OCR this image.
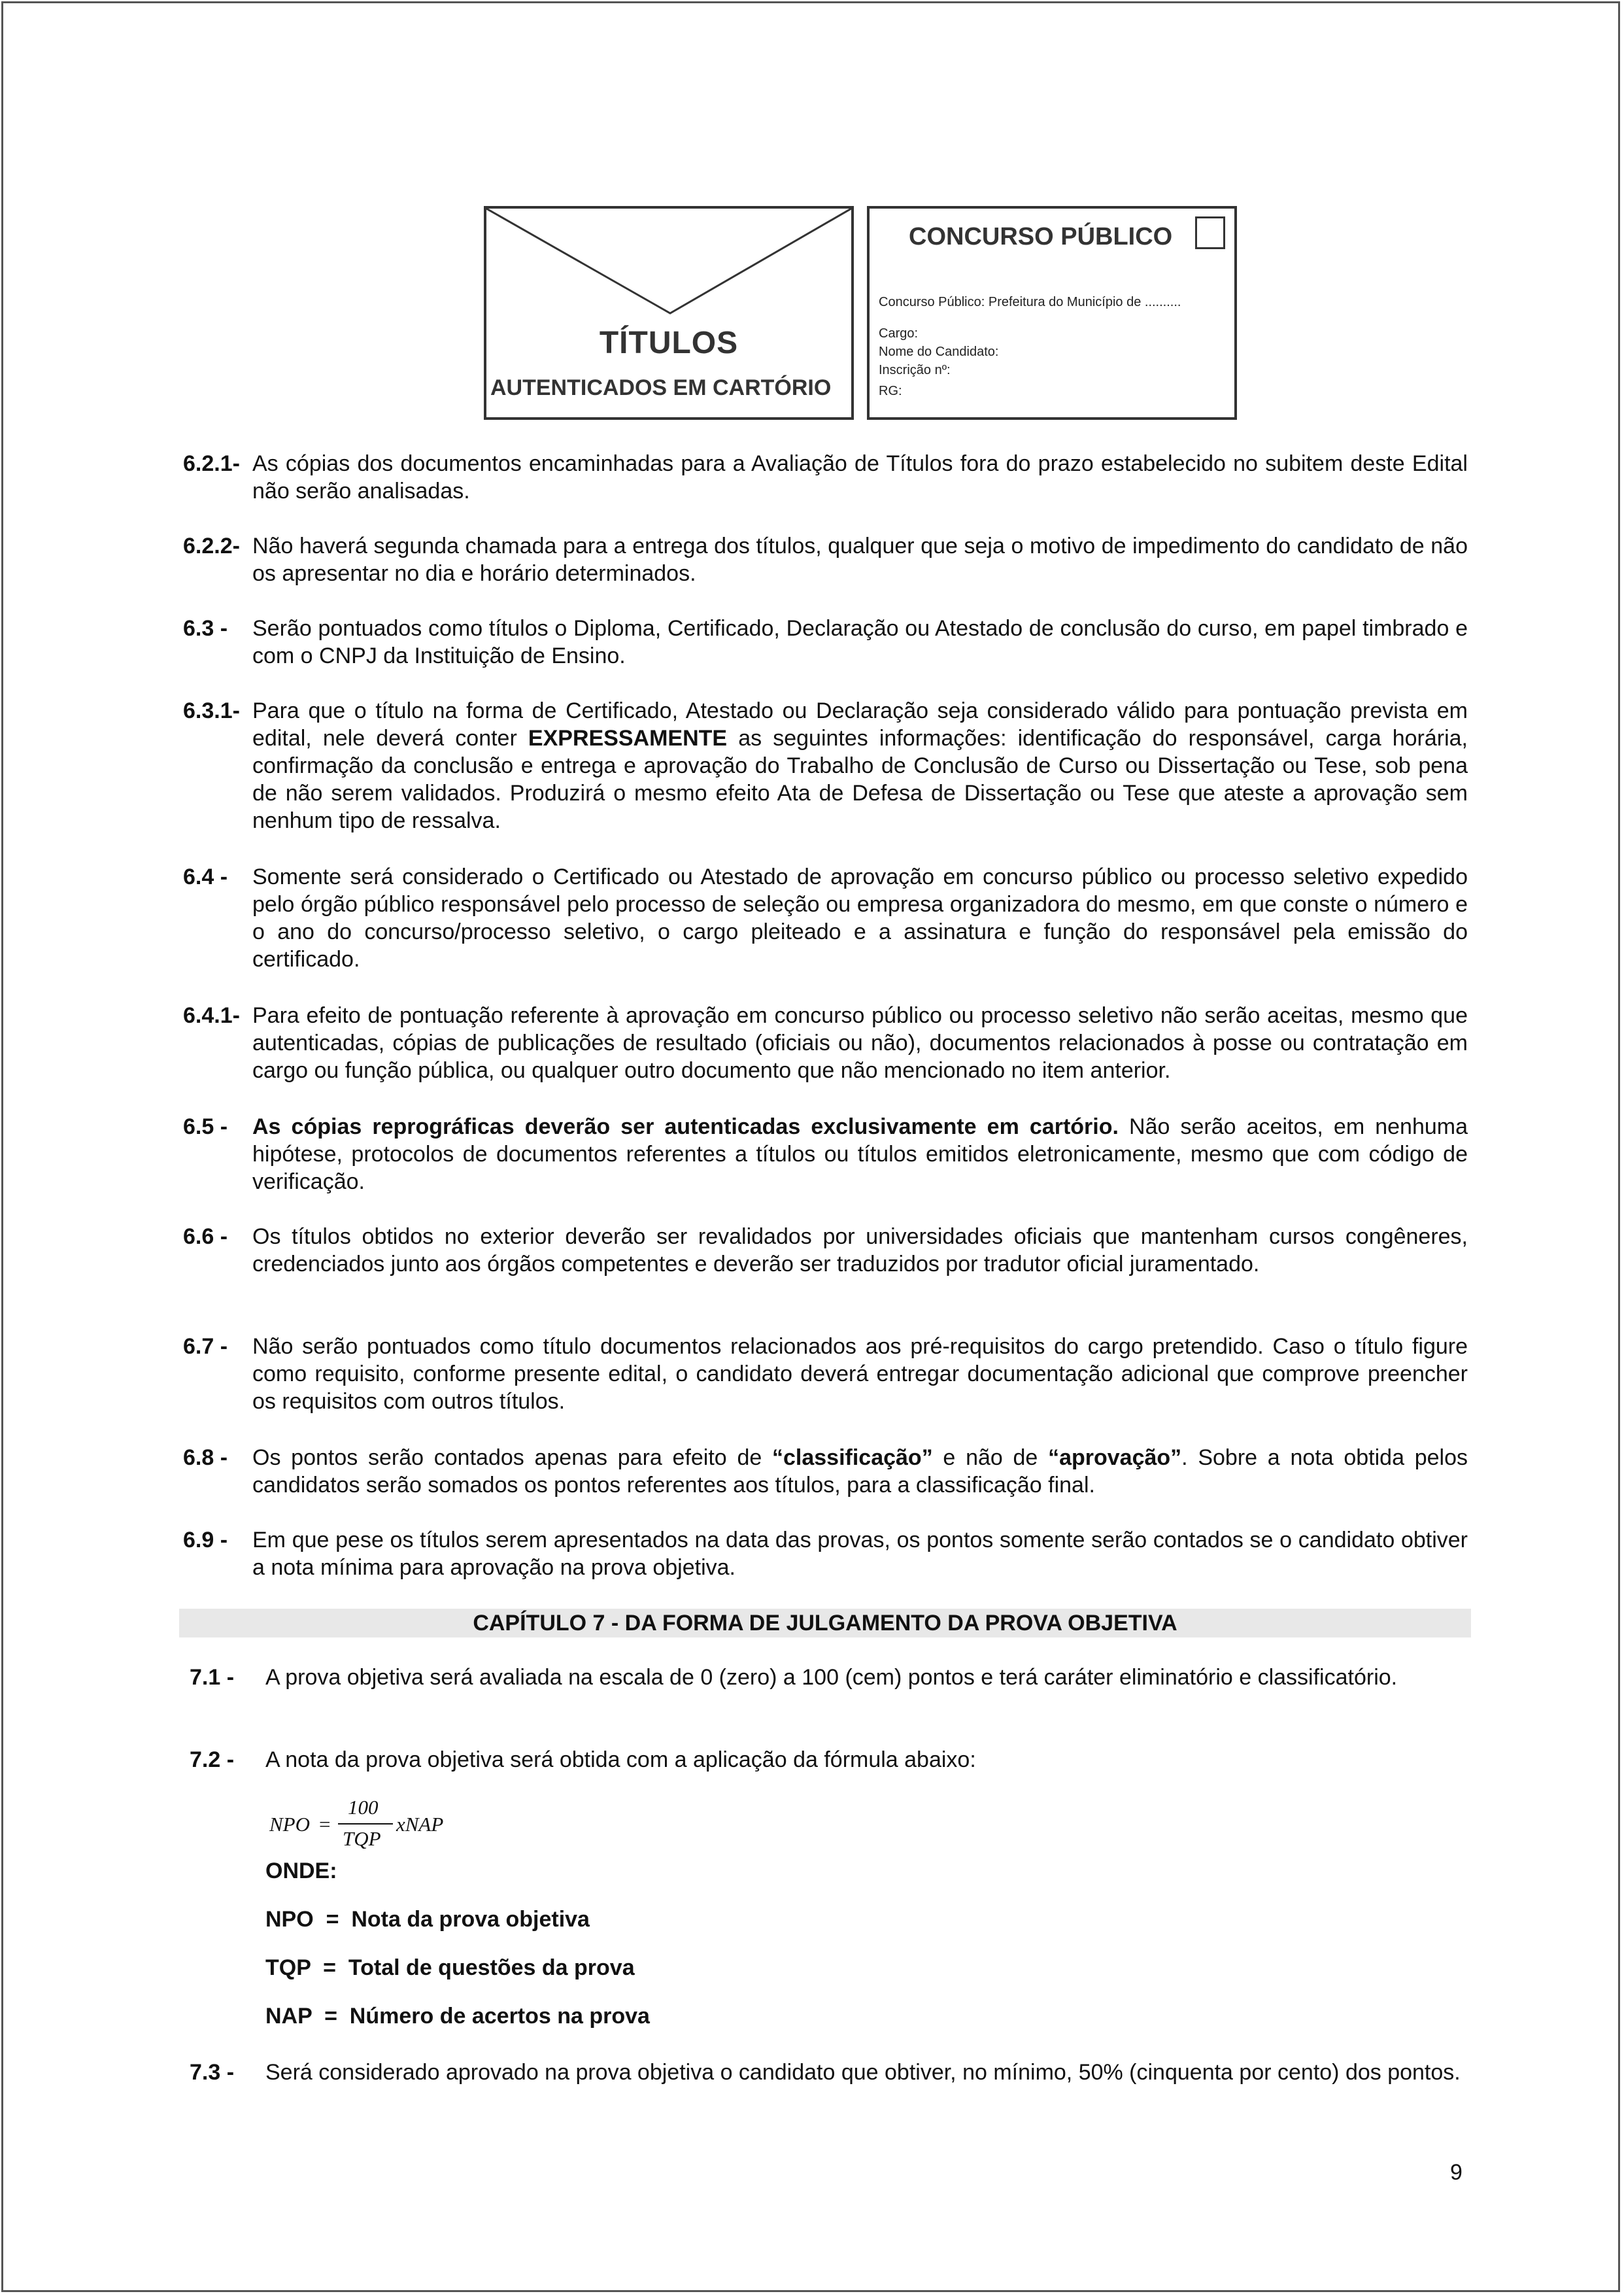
TÍTULOS
AUTENTICADOS EM CARTÓRIO
CONCURSO PÚBLICO
Concurso Público: Prefeitura do Município de ..........
Cargo:
Nome do Candidato:
Inscrição nº:
RG:
6.2.1- As cópias dos documentos encaminhadas para a Avaliação de Títulos fora do prazo estabelecido no subitem deste Edital não serão analisadas.
6.2.2- Não haverá segunda chamada para a entrega dos títulos, qualquer que seja o motivo de impedimento do candidato de não os apresentar no dia e horário determinados.
6.3 - Serão pontuados como títulos o Diploma, Certificado, Declaração ou Atestado de conclusão do curso, em papel timbrado e com o CNPJ da Instituição de Ensino.
6.3.1- Para que o título na forma de Certificado, Atestado ou Declaração seja considerado válido para pontuação prevista em edital, nele deverá conter EXPRESSAMENTE as seguintes informações: identificação do responsável, carga horária, confirmação da conclusão e entrega e aprovação do Trabalho de Conclusão de Curso ou Dissertação ou Tese, sob pena de não serem validados. Produzirá o mesmo efeito Ata de Defesa de Dissertação ou Tese que ateste a aprovação sem nenhum tipo de ressalva.
6.4 - Somente será considerado o Certificado ou Atestado de aprovação em concurso público ou processo seletivo expedido pelo órgão público responsável pelo processo de seleção ou empresa organizadora do mesmo, em que conste o número e o ano do concurso/processo seletivo, o cargo pleiteado e a assinatura e função do responsável pela emissão do certificado.
6.4.1- Para efeito de pontuação referente à aprovação em concurso público ou processo seletivo não serão aceitas, mesmo que autenticadas, cópias de publicações de resultado (oficiais ou não), documentos relacionados à posse ou contratação em cargo ou função pública, ou qualquer outro documento que não mencionado no item anterior.
6.5 - As cópias reprográficas deverão ser autenticadas exclusivamente em cartório. Não serão aceitos, em nenhuma hipótese, protocolos de documentos referentes a títulos ou títulos emitidos eletronicamente, mesmo que com código de verificação.
6.6 - Os títulos obtidos no exterior deverão ser revalidados por universidades oficiais que mantenham cursos congêneres, credenciados junto aos órgãos competentes e deverão ser traduzidos por tradutor oficial juramentado.
6.7 - Não serão pontuados como título documentos relacionados aos pré-requisitos do cargo pretendido. Caso o título figure como requisito, conforme presente edital, o candidato deverá entregar documentação adicional que comprove preencher os requisitos com outros títulos.
6.8 - Os pontos serão contados apenas para efeito de “classificação” e não de “aprovação”. Sobre a nota obtida pelos candidatos serão somados os pontos referentes aos títulos, para a classificação final.
6.9 - Em que pese os títulos serem apresentados na data das provas, os pontos somente serão contados se o candidato obtiver a nota mínima para aprovação na prova objetiva.
CAPÍTULO 7 - DA FORMA DE JULGAMENTO DA PROVA OBJETIVA
7.1 - A prova objetiva será avaliada na escala de 0 (zero) a 100 (cem) pontos e terá caráter eliminatório e classificatório.
7.2 - A nota da prova objetiva será obtida com a aplicação da fórmula abaixo:
NPO =
100
TQP
xNAP
ONDE:
NPO  =  Nota da prova objetiva
TQP  =  Total de questões da prova
NAP  =  Número de acertos na prova
7.3 - Será considerado aprovado na prova objetiva o candidato que obtiver, no mínimo, 50% (cinquenta por cento) dos pontos.
9
